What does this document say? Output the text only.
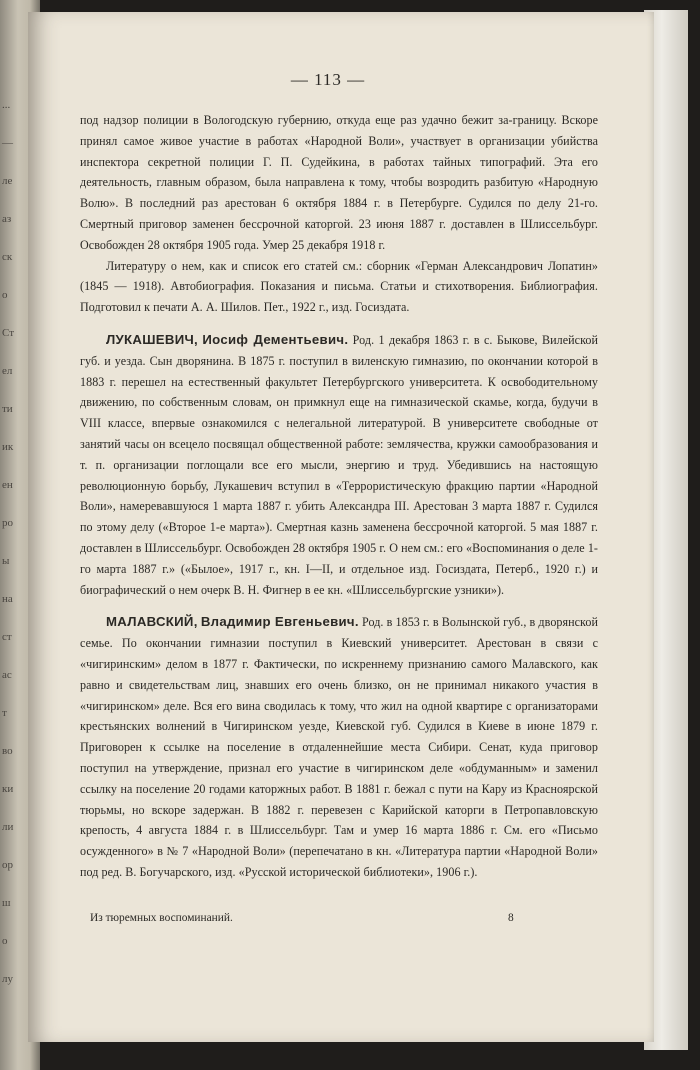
...
—
ле
аз
ск
о
Ст
ел
ти
ик
ен
ро
ы
на
ст
ас
т
во
ки
ли
ор
ш
о
лу
— 113 —

под надзор полиции в Вологодскую губернию, откуда еще раз удачно бежит за-границу. Вскоре принял самое живое участие в работах «Народной Воли», участвует в организации убийства инспектора секретной полиции Г. П. Судейкина, в работах тайных типографий. Эта его деятельность, главным образом, была направлена к тому, чтобы возродить разбитую «Народную Волю». В последний раз арестован 6 октября 1884 г. в Петербурге. Судился по делу 21-го. Смертный приговор заменен бессрочной каторгой. 23 июня 1887 г. доставлен в Шлиссельбург. Освобожден 28 октября 1905 года. Умер 25 декабря 1918 г.

Литературу о нем, как и список его статей см.: сборник «Герман Александрович Лопатин» (1845 — 1918). Автобиография. Показания и письма. Статьи и стихотворения. Библиография. Подготовил к печати А. А. Шилов. Пет., 1922 г., изд. Госиздата.

ЛУКАШЕВИЧ, Иосиф Дементьевич. Род. 1 декабря 1863 г. в с. Быкове, Вилейской губ. и уезда. Сын дворянина. В 1875 г. поступил в виленскую гимназию, по окончании которой в 1883 г. перешел на естественный факультет Петербургского университета. К освободительному движению, по собственным словам, он примкнул еще на гимназической скамье, когда, будучи в VIII классе, впервые ознакомился с нелегальной литературой. В университете свободные от занятий часы он всецело посвящал общественной работе: землячества, кружки самообразования и т. п. организации поглощали все его мысли, энергию и труд. Убедившись на настоящую революционную борьбу, Лукашевич вступил в «Террористическую фракцию партии «Народной Воли», намеревавшуюся 1 марта 1887 г. убить Александра III. Арестован 3 марта 1887 г. Судился по этому делу («Второе 1-е марта»). Смертная казнь заменена бессрочной каторгой. 5 мая 1887 г. доставлен в Шлиссельбург. Освобожден 28 октября 1905 г. О нем см.: его «Воспоминания о деле 1-го марта 1887 г.» («Былое», 1917 г., кн. I—II, и отдельное изд. Госиздата, Петерб., 1920 г.) и биографический о нем очерк В. Н. Фигнер в ее кн. «Шлиссельбургские узники»).

МАЛАВСКИЙ, Владимир Евгеньевич. Род. в 1853 г. в Волынской губ., в дворянской семье. По окончании гимназии поступил в Киевский университет. Арестован в связи с «чигиринским» делом в 1877 г. Фактически, по искреннему признанию самого Малавского, как равно и свидетельствам лиц, знавших его очень близко, он не принимал никакого участия в «чигиринском» деле. Вся его вина сводилась к тому, что жил на одной квартире с организаторами крестьянских волнений в Чигиринском уезде, Киевской губ. Судился в Киеве в июне 1879 г. Приговорен к ссылке на поселение в отдаленнейшие места Сибири. Сенат, куда приговор поступил на утверждение, признал его участие в чигиринском деле «обдуманным» и заменил ссылку на поселение 20 годами каторжных работ. В 1881 г. бежал с пути на Кару из Красноярской тюрьмы, но вскоре задержан. В 1882 г. перевезен с Карийской каторги в Петропавловскую крепость, 4 августа 1884 г. в Шлиссельбург. Там и умер 16 марта 1886 г. См. его «Письмо осужденного» в № 7 «Народной Воли» (перепечатано в кн. «Литература партии «Народной Воли» под ред. В. Богучарского, изд. «Русской исторической библиотеки», 1906 г.).

Из тюремных воспоминаний.	8
